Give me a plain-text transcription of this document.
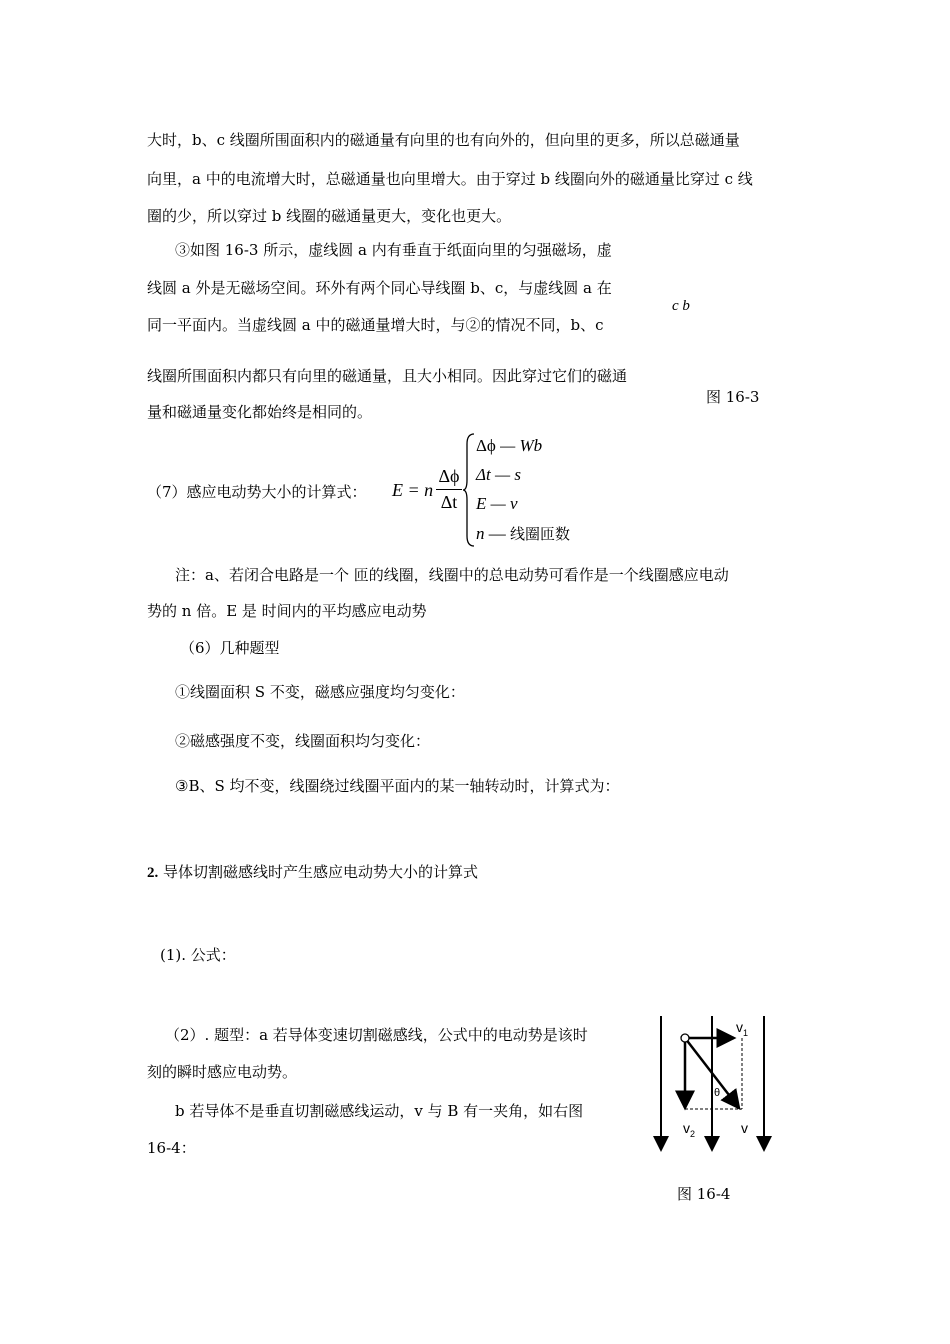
大时，b、c 线圈所围面积内的磁通量有向里的也有向外的，但向里的更多，所以总磁通量
向里，a 中的电流增大时，总磁通量也向里增大。由于穿过 b 线圈向外的磁通量比穿过 c 线
圈的少，所以穿过 b 线圈的磁通量更大，变化也更大。
③如图 16-3 所示，虚线圆 a 内有垂直于纸面向里的匀强磁场，虚
线圆 a 外是无磁场空间。环外有两个同心导线圈 b、c，与虚线圆 a 在
同一平面内。当虚线圆 a 中的磁通量增大时，与②的情况不同，b、c
线圈所围面积内都只有向里的磁通量，且大小相同。因此穿过它们的磁通
量和磁通量变化都始终是相同的。
c b
图 16-3
（7）感应电动势大小的计算式： E = n
Δϕ
Δt
Δϕ — Wb
Δt — s
E — v
n — 线圈匝数
注：a、若闭合电路是一个 匝的线圈，线圈中的总电动势可看作是一个线圈感应电动
势的 n 倍。E 是 时间内的平均感应电动势
（6）几种题型
①线圈面积 S 不变，磁感应强度均匀变化：
②磁感强度不变，线圈面积均匀变化：
③B、S 均不变，线圈绕过线圈平面内的某一轴转动时，计算式为：
2. 导体切割磁感线时产生感应电动势大小的计算式
(1). 公式：
（2）. 题型：a 若导体变速切割磁感线，公式中的电动势是该时
刻的瞬时感应电动势。
b 若导体不是垂直切割磁感线运动，v 与 B 有一夹角，如右图
16-4：
$v_1$
$v_2$	v
θ
图 16-4
